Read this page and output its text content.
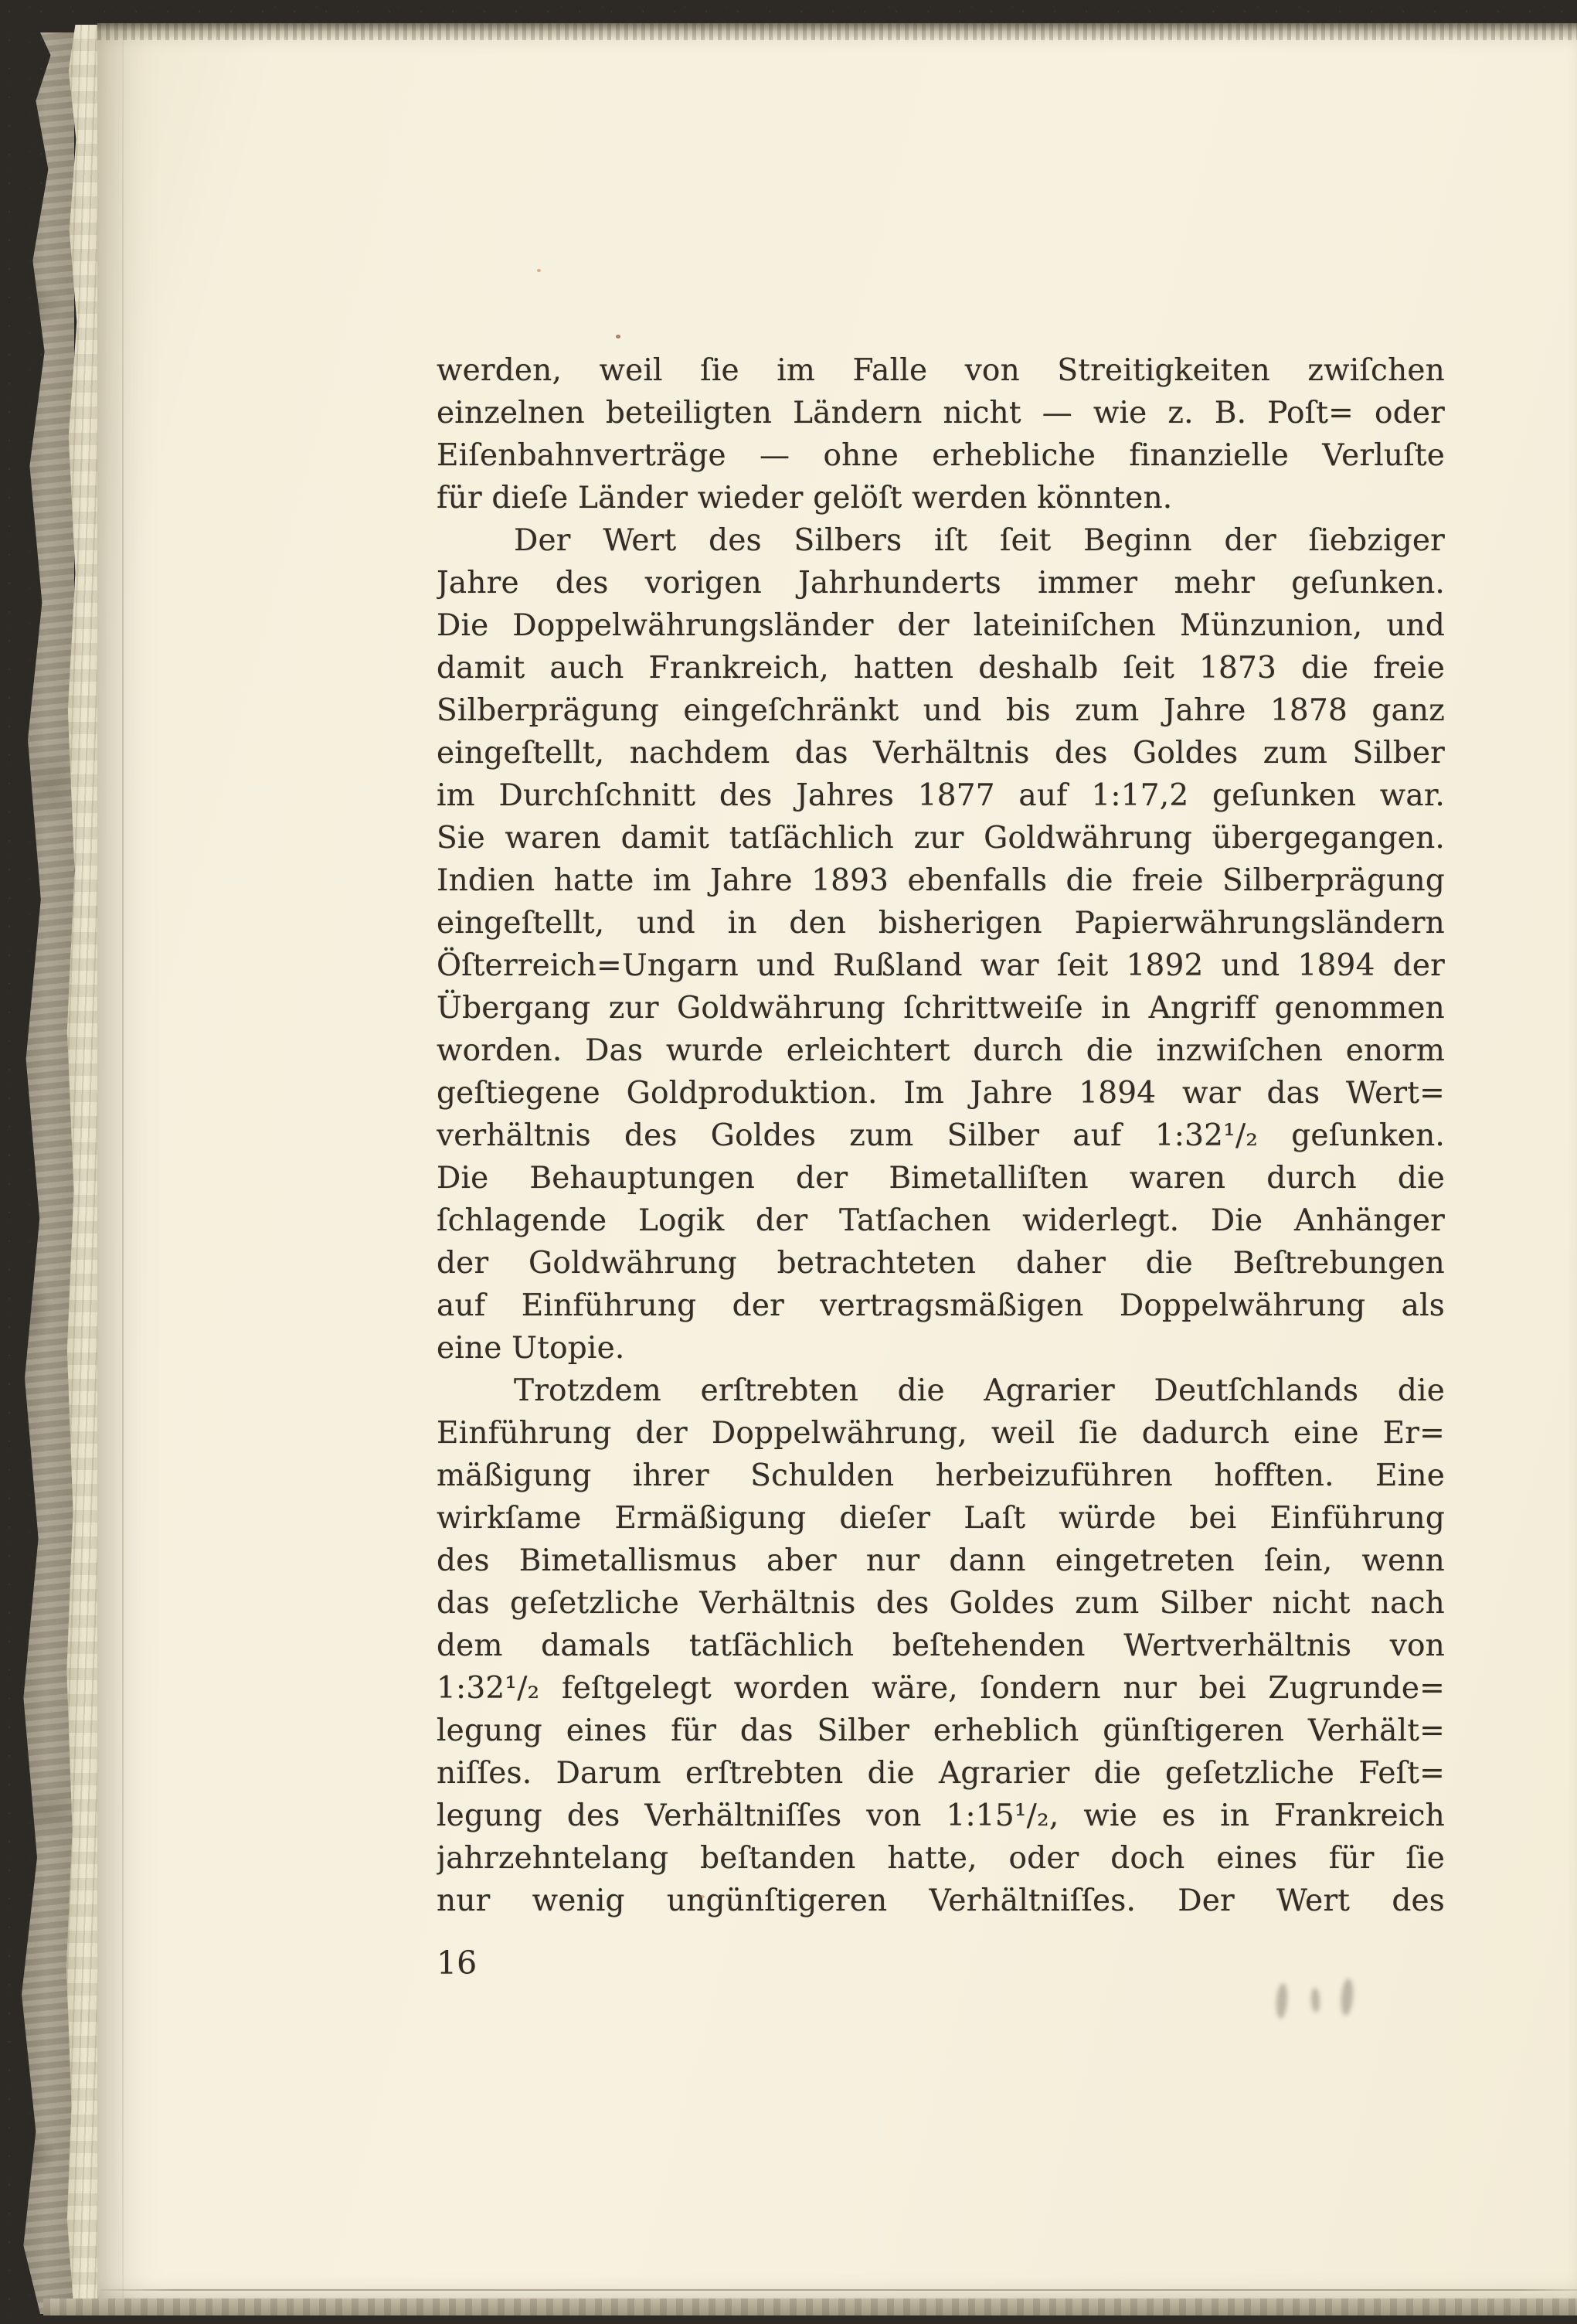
werden, weil ſie im Falle von Streitigkeiten zwiſchen
einzelnen beteiligten Ländern nicht — wie z. B. Poſt= oder
Eiſenbahnverträge — ohne erhebliche finanzielle Verluſte
für dieſe Länder wieder gelöſt werden könnten.
Der Wert des Silbers iſt ſeit Beginn der ſiebziger
Jahre des vorigen Jahrhunderts immer mehr geſunken.
Die Doppelwährungsländer der lateiniſchen Münzunion, und
damit auch Frankreich, hatten deshalb ſeit 1873 die freie
Silberprägung eingeſchränkt und bis zum Jahre 1878 ganz
eingeſtellt, nachdem das Verhältnis des Goldes zum Silber
im Durchſchnitt des Jahres 1877 auf 1:17,2 geſunken war.
Sie waren damit tatſächlich zur Goldwährung übergegangen.
Indien hatte im Jahre 1893 ebenfalls die freie Silberprägung
eingeſtellt, und in den bisherigen Papierwährungsländern
Öſterreich=Ungarn und Rußland war ſeit 1892 und 1894 der
Übergang zur Goldwährung ſchrittweiſe in Angriff genommen
worden. Das wurde erleichtert durch die inzwiſchen enorm
geſtiegene Goldproduktion. Im Jahre 1894 war das Wert=
verhältnis des Goldes zum Silber auf 1:32¹/₂ geſunken.
Die Behauptungen der Bimetalliſten waren durch die
ſchlagende Logik der Tatſachen widerlegt. Die Anhänger
der Goldwährung betrachteten daher die Beſtrebungen
auf Einführung der vertragsmäßigen Doppelwährung als
eine Utopie.
Trotzdem erſtrebten die Agrarier Deutſchlands die
Einführung der Doppelwährung, weil ſie dadurch eine Er=
mäßigung ihrer Schulden herbeizuführen hofften. Eine
wirkſame Ermäßigung dieſer Laſt würde bei Einführung
des Bimetallismus aber nur dann eingetreten ſein, wenn
das geſetzliche Verhältnis des Goldes zum Silber nicht nach
dem damals tatſächlich beſtehenden Wertverhältnis von
1:32¹/₂ feſtgelegt worden wäre, ſondern nur bei Zugrunde=
legung eines für das Silber erheblich günſtigeren Verhält=
niſſes. Darum erſtrebten die Agrarier die geſetzliche Feſt=
legung des Verhältniſſes von 1:15¹/₂, wie es in Frankreich
jahrzehntelang beſtanden hatte, oder doch eines für ſie
nur wenig ungünſtigeren Verhältniſſes. Der Wert des
16
